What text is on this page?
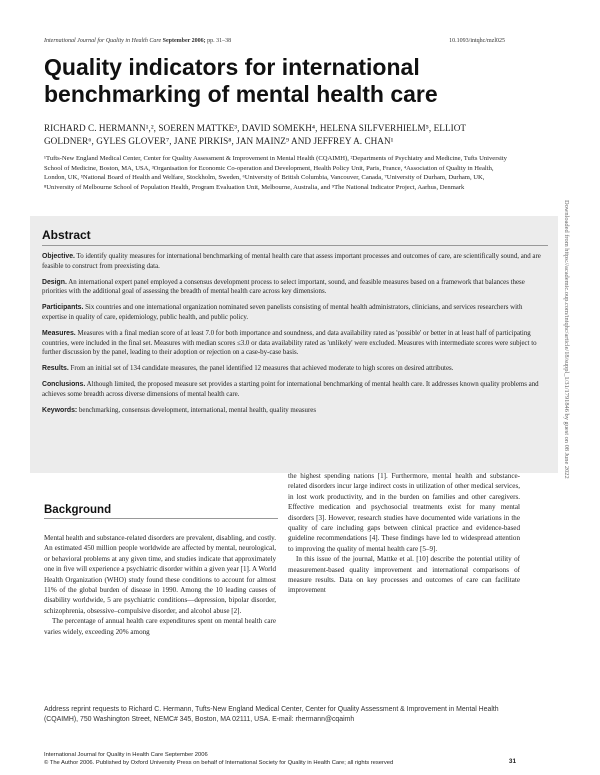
International Journal for Quality in Health Care September 2006; pp. 31–38	10.1093/intqhc/mzl025
Quality indicators for international benchmarking of mental health care
RICHARD C. HERMANN¹,², SOEREN MATTKE³, DAVID SOMEKH⁴, HELENA SILFVERHIELM⁵, ELLIOT GOLDNER⁶, GYLES GLOVER⁷, JANE PIRKIS⁸, JAN MAINZ⁹ AND JEFFREY A. CHAN¹
¹Tufts-New England Medical Center, Center for Quality Assessment & Improvement in Mental Health (CQAIMH), ²Departments of Psychiatry and Medicine, Tufts University School of Medicine, Boston, MA, USA, ³Organisation for Economic Co-operation and Development, Health Policy Unit, Paris, France, ⁴Association of Quality in Health, London, UK, ⁵National Board of Health and Welfare, Stockholm, Sweden, ⁶University of British Columbia, Vancouver, Canada, ⁷University of Durham, Durham, UK, ⁸University of Melbourne School of Population Health, Program Evaluation Unit, Melbourne, Australia, and ⁹The National Indicator Project, Aarhus, Denmark
Downloaded from https://academic.oup.com/intqhc/article/18/suppl_1/31/1791846 by guest on 08 June 2022
Abstract

Objective. To identify quality measures for international benchmarking of mental health care that assess important processes and outcomes of care, are scientifically sound, and are feasible to construct from preexisting data.

Design. An international expert panel employed a consensus development process to select important, sound, and feasible measures based on a framework that balances these priorities with the additional goal of assessing the breadth of mental health care across key dimensions.

Participants. Six countries and one international organization nominated seven panelists consisting of mental health administrators, clinicians, and services researchers with expertise in quality of care, epidemiology, public health, and public policy.

Measures. Measures with a final median score of at least 7.0 for both importance and soundness, and data availability rated as 'possible' or better in at least half of participating countries, were included in the final set. Measures with median scores ≤3.0 or data availability rated as 'unlikely' were excluded. Measures with intermediate scores were subject to further discussion by the panel, leading to their adoption or rejection on a case-by-case basis.

Results. From an initial set of 134 candidate measures, the panel identified 12 measures that achieved moderate to high scores on desired attributes.

Conclusions. Although limited, the proposed measure set provides a starting point for international benchmarking of mental health care. It addresses known quality problems and achieves some breadth across diverse dimensions of mental health care.

Keywords: benchmarking, consensus development, international, mental health, quality measures

Background

Mental health and substance-related disorders are prevalent, disabling, and costly. An estimated 450 million people worldwide are affected by mental, neurological, or behavioral problems at any given time, and studies indicate that approximately one in five will experience a psychiatric disorder within a given year [1]. A World Health Organization (WHO) study found these conditions to account for almost 11% of the global burden of disease in 1990. Among the 10 leading causes of disability worldwide, 5 are psychiatric conditions—depression, bipolar disorder, schizophrenia, obsessive–compulsive disorder, and alcohol abuse [2].

The percentage of annual health care expenditures spent on mental health care varies widely, exceeding 20% among

the highest spending nations [1]. Furthermore, mental health and substance-related disorders incur large indirect costs in utilization of other medical services, in lost work productivity, and in the burden on families and other caregivers. Effective medication and psychosocial treatments exist for many mental disorders [3]. However, research studies have documented wide variations in the quality of care including gaps between clinical practice and evidence-based guideline recommendations [4]. These findings have led to widespread attention to improving the quality of mental health care [5–9].

In this issue of the journal, Mattke et al. [10] describe the potential utility of measurement-based quality improvement and international comparisons of measure results. Data on key processes and outcomes of care can facilitate improvement

Address reprint requests to Richard C. Hermann, Tufts-New England Medical Center, Center for Quality Assessment & Improvement in Mental Health (CQAIMH), 750 Washington Street, NEMC# 345, Boston, MA 02111, USA. E-mail: rhermann@cqaimh
International Journal for Quality in Health Care September 2006
© The Author 2006. Published by Oxford University Press on behalf of International Society for Quality in Health Care; all rights reserved	31
